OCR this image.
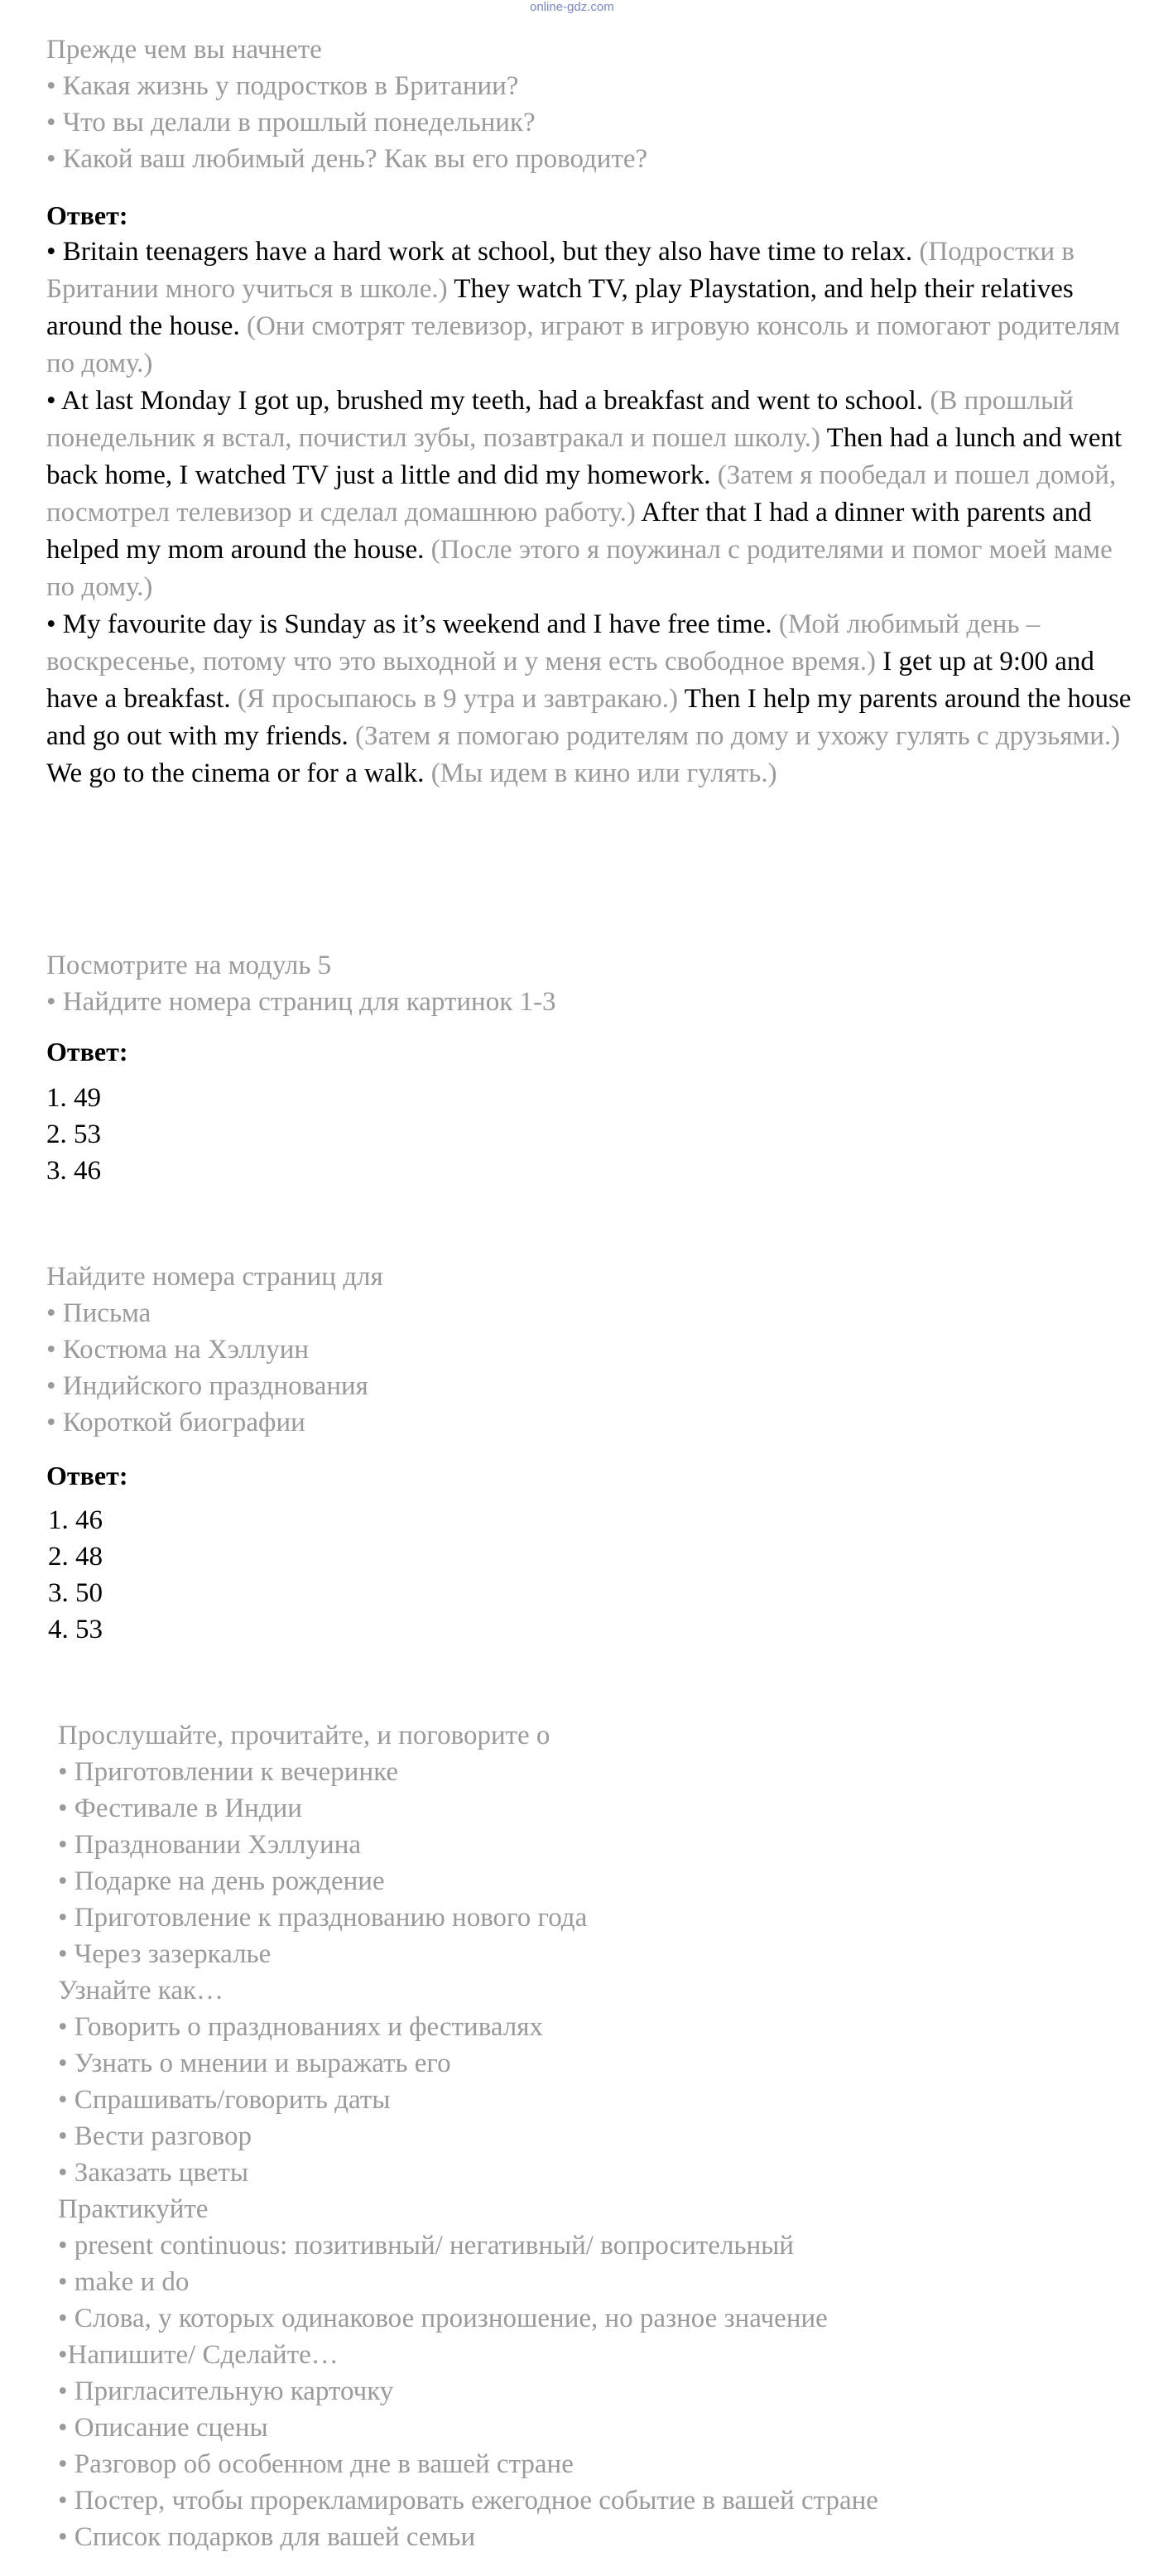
online-gdz.com
Прежде чем вы начнете
• Какая жизнь у подростков в Британии?
• Что вы делали в прошлый понедельник?
• Какой ваш любимый день? Как вы его проводите?
Ответ:
• Britain teenagers have a hard work at school, but they also have time to relax. (Подростки в Британии много учиться в школе.) They watch TV, play Playstation, and help their relatives around the house. (Они смотрят телевизор, играют в игровую консоль и помогают родителям по дому.)
• At last Monday I got up, brushed my teeth, had a breakfast and went to school. (В прошлый понедельник я встал, почистил зубы, позавтракал и пошел школу.) Then had a lunch and went back home, I watched TV just a little and did my homework. (Затем я пообедал и пошел домой, посмотрел телевизор и сделал домашнюю работу.) After that I had a dinner with parents and helped my mom around the house. (После этого я поужинал с родителями и помог моей маме по дому.)
• My favourite day is Sunday as it’s weekend and I have free time. (Мой любимый день – воскресенье, потому что это выходной и у меня есть свободное время.) I get up at 9:00 and have a breakfast. (Я просыпаюсь в 9 утра и завтракаю.) Then I help my parents around the house and go out with my friends. (Затем я помогаю родителям по дому и ухожу гулять с друзьями.) We go to the cinema or for a walk. (Мы идем в кино или гулять.)
Посмотрите на модуль 5
• Найдите номера страниц для картинок 1-3
Ответ:
1. 49
2. 53
3. 46
Найдите номера страниц для
• Письма
• Костюма на Хэллуин
• Индийского празднования
• Короткой биографии
Ответ:
1. 46
2. 48
3. 50
4. 53
Прослушайте, прочитайте, и поговорите о
• Приготовлении к вечеринке
• Фестивале в Индии
• Праздновании Хэллуина
• Подарке на день рождение
• Приготовление к празднованию нового года
• Через зазеркалье
Узнайте как…
• Говорить о празднованиях и фестивалях
• Узнать о мнении и выражать его
• Спрашивать/говорить даты
• Вести разговор
• Заказать цветы
Практикуйте
• present continuous: позитивный/ негативный/ вопросительный
• make и do
• Слова, у которых одинаковое произношение, но разное значение
•Напишите/ Сделайте…
• Пригласительную карточку
• Описание сцены
• Разговор об особенном дне в вашей стране
• Постер, чтобы прорекламировать ежегодное событие в вашей стране
• Список подарков для вашей семьи
